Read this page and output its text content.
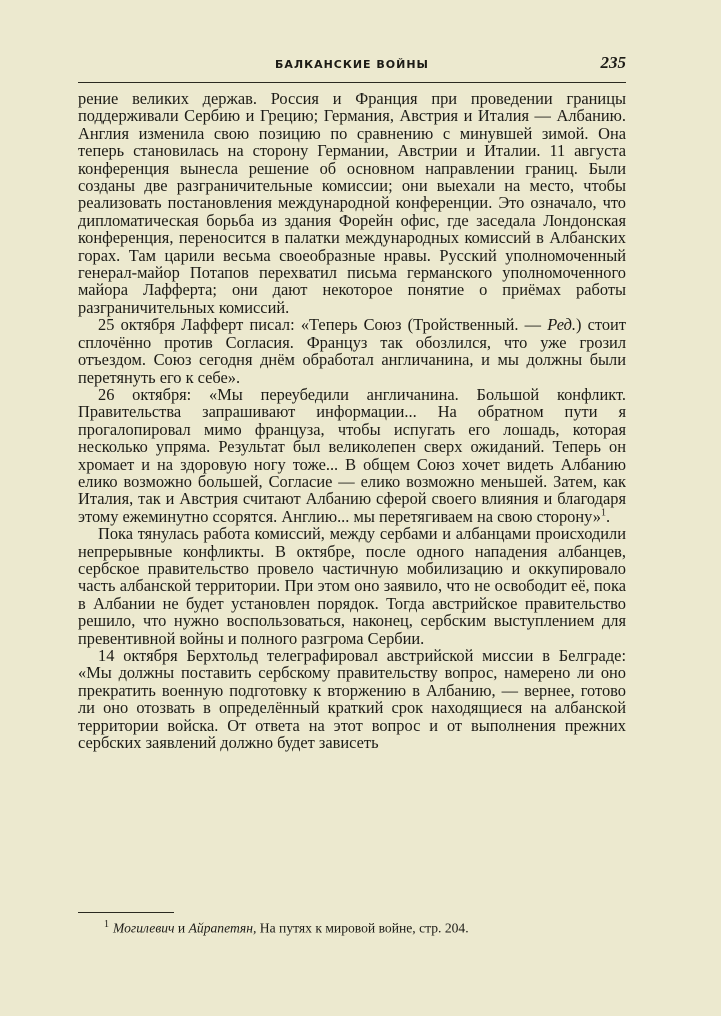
БАЛКАНСКИЕ ВОЙНЫ	235

рение великих держав. Россия и Франция при проведении границы поддерживали Сербию и Грецию; Германия, Австрия и Италия — Албанию. Англия изменила свою позицию по сравнению с минувшей зимой. Она теперь становилась на сторону Германии, Австрии и Италии. 11 августа конференция вынесла решение об основном направлении границ. Были созданы две разграничительные комиссии; они выехали на место, чтобы реализовать постановления международной конференции. Это означало, что дипломатическая борьба из здания Форейн офис, где заседала Лондонская конференция, переносится в палатки международных комиссий в Албанских горах. Там царили весьма своеобразные нравы. Русский уполномоченный генерал-майор Потапов перехватил письма германского уполномоченного майора Лафферта; они дают некоторое понятие о приёмах работы разграничительных комиссий.

25 октября Лафферт писал: «Теперь Союз (Тройственный. — Ред.) стоит сплочённо против Согласия. Француз так обозлился, что уже грозил отъездом. Союз сегодня днём обработал англичанина, и мы должны были перетянуть его к себе».

26 октября: «Мы переубедили англичанина. Большой конфликт. Правительства запрашивают информации... На обратном пути я прогалопировал мимо француза, чтобы испугать его лошадь, которая несколько упряма. Результат был великолепен сверх ожиданий. Теперь он хромает и на здоровую ногу тоже... В общем Союз хочет видеть Албанию елико возможно большей, Согласие — елико возможно меньшей. Затем, как Италия, так и Австрия считают Албанию сферой своего влияния и благодаря этому ежеминутно ссорятся. Англию... мы перетягиваем на свою сторону»$^1$.

Пока тянулась работа комиссий, между сербами и албанцами происходили непрерывные конфликты. В октябре, после одного нападения албанцев, сербское правительство провело частичную мобилизацию и оккупировало часть албанской территории. При этом оно заявило, что не освободит её, пока в Албании не будет установлен порядок. Тогда австрийское правительство решило, что нужно воспользоваться, наконец, сербским выступлением для превентивной войны и полного разгрома Сербии.

14 октября Берхтольд телеграфировал австрийской миссии в Белграде: «Мы должны поставить сербскому правительству вопрос, намерено ли оно прекратить военную подготовку к вторжению в Албанию, — вернее, готово ли оно отозвать в определённый краткий срок находящиеся на албанской территории войска. От ответа на этот вопрос и от выполнения прежних сербских заявлений должно будет зависеть

$^1$ Могилевич и Айрапетян, На путях к мировой войне, стр. 204.
